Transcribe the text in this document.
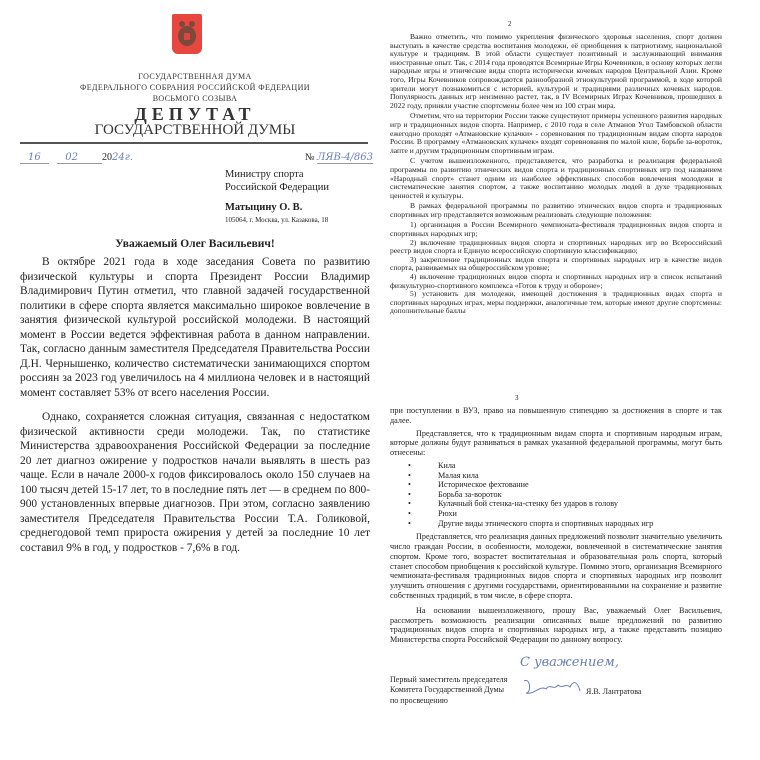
ГОСУДАРСТВЕННАЯ ДУМА
ФЕДЕРАЛЬНОГО СОБРАНИЯ РОССИЙСКОЙ ФЕДЕРАЦИИ
ВОСЬМОГО СОЗЫВА
ДЕПУТАТ
ГОСУДАРСТВЕННОЙ ДУМЫ
16 02 2024г.	№ ЛЯВ-4/863
Министру спорта
Российской Федерации
Матыцину О. В.
105064, г. Москва, ул. Казакова, 18
Уважаемый Олег Васильевич!

В октябре 2021 года в ходе заседания Совета по развитию физической культуры и спорта Президент России Владимир Владимирович Путин отметил, что главной задачей государственной политики в сфере спорта является максимально широкое вовлечение в занятия физической культурой российской молодежи. В настоящий момент в России ведется эффективная работа в данном направлении. Так, согласно данным заместителя Председателя Правительства России Д.Н. Чернышенко, количество систематически занимающихся спортом россиян за 2023 год увеличилось на 4 миллиона человек и в настоящий момент составляет 53% от всего населения России.

Однако, сохраняется сложная ситуация, связанная с недостатком физической активности среди молодежи. Так, по статистике Министерства здравоохранения Российской Федерации за последние 20 лет диагноз ожирение у подростков начали выявлять в шесть раз чаще. Если в начале 2000-х годов фиксировалось около 150 случаев на 100 тысяч детей 15-17 лет, то в последние пять лет — в среднем по 800-900 установленных впервые диагнозов. При этом, согласно заявлению заместителя Председателя Правительства России Т.А. Голиковой, среднегодовой темп прироста ожирения у детей за последние 10 лет составил 9% в год, у подростков - 7,6% в год.

2

Важно отметить, что помимо укрепления физического здоровья населения, спорт должен выступать в качестве средства воспитания молодежи, её приобщения к патриотизму, национальной культуре и традициям. В этой области существует позитивный и заслуживающий внимания иностранные опыт. Так, с 2014 года проводятся Всемирные Игры Кочевников, в основу которых легли народные игры и этнические виды спорта исторически кочевых народов Центральной Азии. Кроме того, Игры Кочевников сопровождаются разнообразной этнокультурной программой, в ходе которой зрители могут познакомиться с историей, культурой и традициями различных кочевых народов. Популярность данных игр неизменно растет, так, в IV Всемирных Играх Кочевников, прошедших в 2022 году, приняли участие спортсмены более чем из 100 стран мира.

Отметим, что на территории России также существуют примеры успешного развития народных игр и традиционных видов спорта. Например, с 2010 года в селе Атманов Угол Тамбовской области ежегодно проходят «Атмановские кулачки» - соревнования по традиционным видам спорта народов России. В программу «Атмановских кулачек» входят соревнования по малой киле, борьбе за-вороток, лапте и другим традиционным спортивным играм.

С учетом вышеизложенного, представляется, что разработка и реализация федеральной программы по развитию этнических видов спорта и традиционных спортивных игр под названием «Народный спорт» станет одним из наиболее эффективных способов вовлечения молодежи в систематические занятия спортом, а также воспитанию молодых людей в духе традиционных ценностей и культуры.

В рамках федеральной программы по развитию этнических видов спорта и традиционных спортивных игр представляется возможным реализовать следующие положения:

1) организация в России Всемирного чемпионата-фестиваля традиционных видов спорта и спортивных народных игр;

2) включение традиционных видов спорта и спортивных народных игр во Всероссийский реестр видов спорта и Единую всероссийскую спортивную классификацию;

3) закрепление традиционных видов спорта и спортивных народных игр в качестве видов спорта, развиваемых на общероссийском уровне;

4) включение традиционных видов спорта и спортивных народных игр в список испытаний физкультурно-спортивного комплекса «Готов к труду и обороне»;

5) установить для молодежи, имеющей достижения в традиционных видах спорта и спортивных народных играх, меры поддержки, аналогичные тем, которые имеют другие спортсмены: дополнительные баллы

3

при поступлении в ВУЗ, право на повышенную стипендию за достижения в спорте и так далее.

Представляется, что к традиционным видам спорта и спортивным народным играм, которые должны будут развиваться в рамках указанной федеральной программы, могут быть отнесены:

• Кила
• Малая кила
• Историческое фехтование
• Борьба за-вороток
• Кулачный бой стенка-на-стенку без ударов в голову
• Рюхи
• Другие виды этнического спорта и спортивных народных игр

Представляется, что реализация данных предложений позволит значительно увеличить число граждан России, в особенности, молодежи, вовлеченной в систематические занятия спортом. Кроме того, возрастет воспитательная и образовательная роль спорта, который станет способом приобщения к российской культуре. Помимо этого, организация Всемирного чемпионата-фестиваля традиционных видов спорта и спортивных народных игр позволит улучшить отношения с другими государствами, ориентированными на сохранение и развитие собственных традиций, в том числе, в сфере спорта.

На основании вышеизложенного, прошу Вас, уважаемый Олег Васильевич, рассмотреть возможность реализации описанных выше предложений по развитию традиционных видов спорта и спортивных народных игр, а также представить позицию Министерства спорта Российской Федерации по данному вопросу.

Первый заместитель председателя
Комитета Государственной Думы
по просвещению
С уважением,
Я.В. Лантратова
